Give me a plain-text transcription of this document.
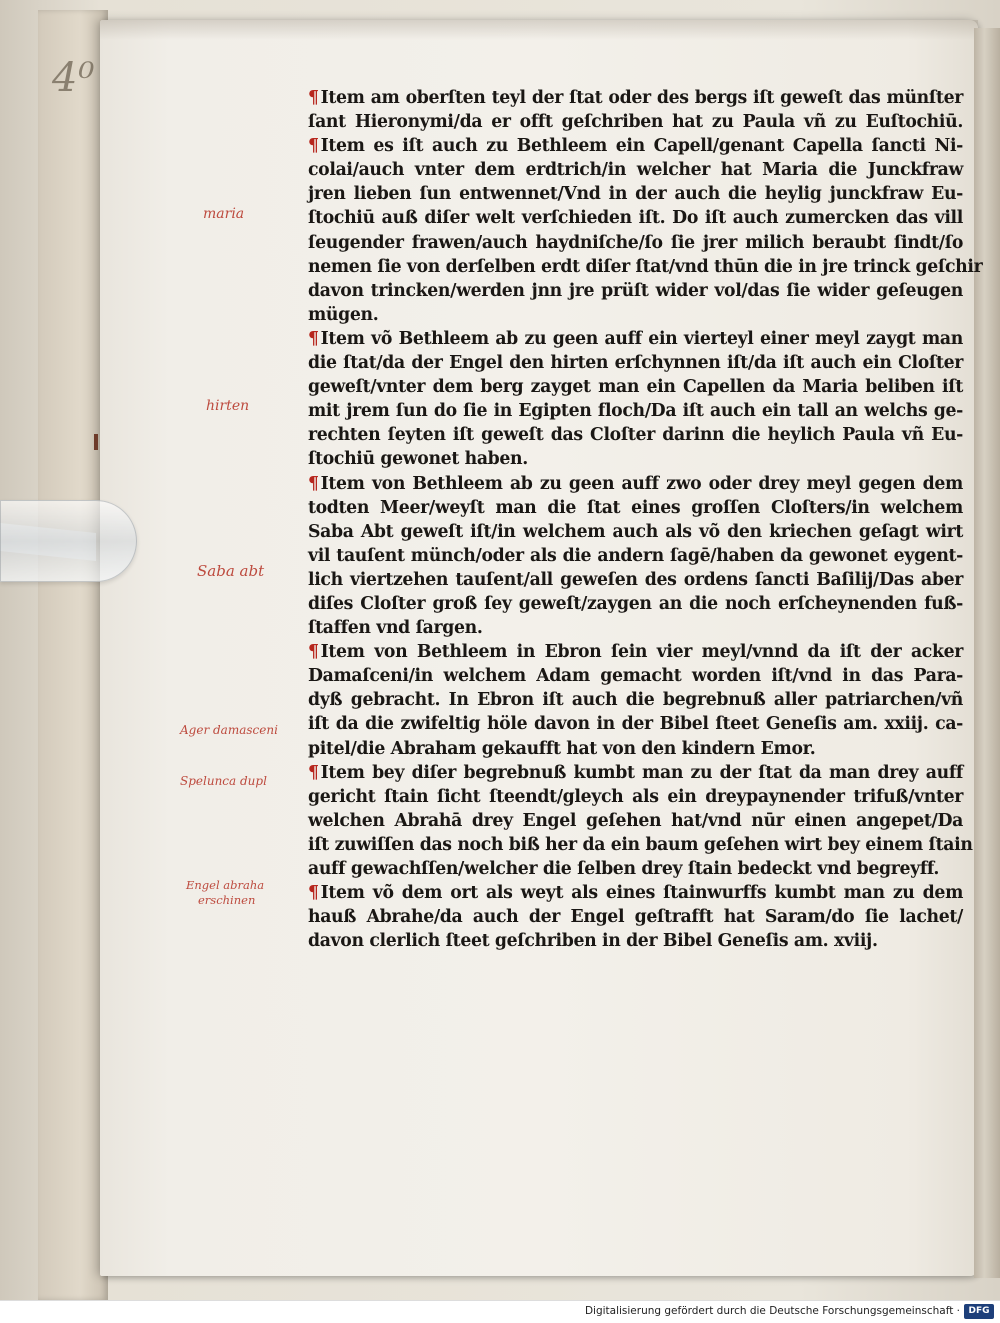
4⁰	¶ Item am oberſten teyl der ſtat oder des bergs iſt geweſt das münſter
ſant Hieronymi/da er offt geſchriben hat zu Paula vñ zu Euſtochiū.
¶ Item es iſt auch zu Bethleem ein Capell/genant Capella ſancti Ni-
colai/auch vnter dem erdtrich/in welcher hat Maria die Junckfraw
jren lieben ſun entwennet/Vnd in der auch die heylig junckfraw Eu-
ſtochiū auß diſer welt verſchieden iſt. Do iſt auch zumercken das vill
ſeugender frawen/auch haydniſche/ſo ſie jrer milich beraubt ſindt/ſo
nemen ſie von derſelben erdt diſer ſtat/vnd thūn die in jre trinck geſchir
davon trincken/werden jnn jre prüſt wider vol/das ſie wider geſeugen
mügen.
¶ Item võ Bethleem ab zu geen auff ein vierteyl einer meyl zaygt man
die ſtat/da der Engel den hirten erſchynnen iſt/da iſt auch ein Cloſter
geweſt/vnter dem berg zayget man ein Capellen da Maria beliben iſt
mit jrem ſun do ſie in Egipten floch/Da iſt auch ein tall an welchs ge-
rechten ſeyten iſt geweſt das Cloſter darinn die heylich Paula vñ Eu-
ſtochiū gewonet haben.
¶ Item von Bethleem ab zu geen auff zwo oder drey meyl gegen dem
todten Meer/weyſt man die ſtat eines groſſen Cloſters/in welchem
Saba Abt geweſt iſt/in welchem auch als võ den kriechen geſagt wirt
vil tauſent münch/oder als die andern ſagē/haben da gewonet eygent-
lich viertzehen tauſent/all geweſen des ordens ſancti Baſilij/Das aber
diſes Cloſter groß ſey geweſt/zaygen an die noch erſcheynenden fuß-
ſtaffen vnd ſargen.
¶ Item von Bethleem in Ebron ſein vier meyl/vnnd da iſt der acker
Damaſceni/in welchem Adam gemacht worden iſt/vnd in das Para-
dyß gebracht. In Ebron iſt auch die begrebnuß aller patriarchen/vñ
iſt da die zwifeltig höle davon in der Bibel ſteet Geneſis am. xxiij. ca-
pitel/die Abraham gekaufft hat von den kindern Emor.
¶ Item bey diſer begrebnuß kumbt man zu der ſtat da man drey auff
gericht ſtain ſicht ſteendt/gleych als ein dreypaynender trifuß/vnter
welchen Abrahā drey Engel geſehen hat/vnd nūr einen angepet/Da
iſt zuwiſſen das noch biß her da ein baum geſehen wirt bey einem ſtain
auff gewachſſen/welcher die ſelben drey ſtain bedeckt vnd begreyff.
¶ Item võ dem ort als weyt als eines ſtainwurffs kumbt man zu dem
hauß Abrahe/da auch der Engel geſtrafft hat Saram/do ſie lachet/
davon clerlich ſteet geſchriben in der Bibel Geneſis am. xviij.
maria
hirten
Saba abt
Ager damasceni
Spelunca dupl
Engel abraha
erschinen
Digitalisierung gefördert durch die Deutsche Forschungsgemeinschaft · DFG
